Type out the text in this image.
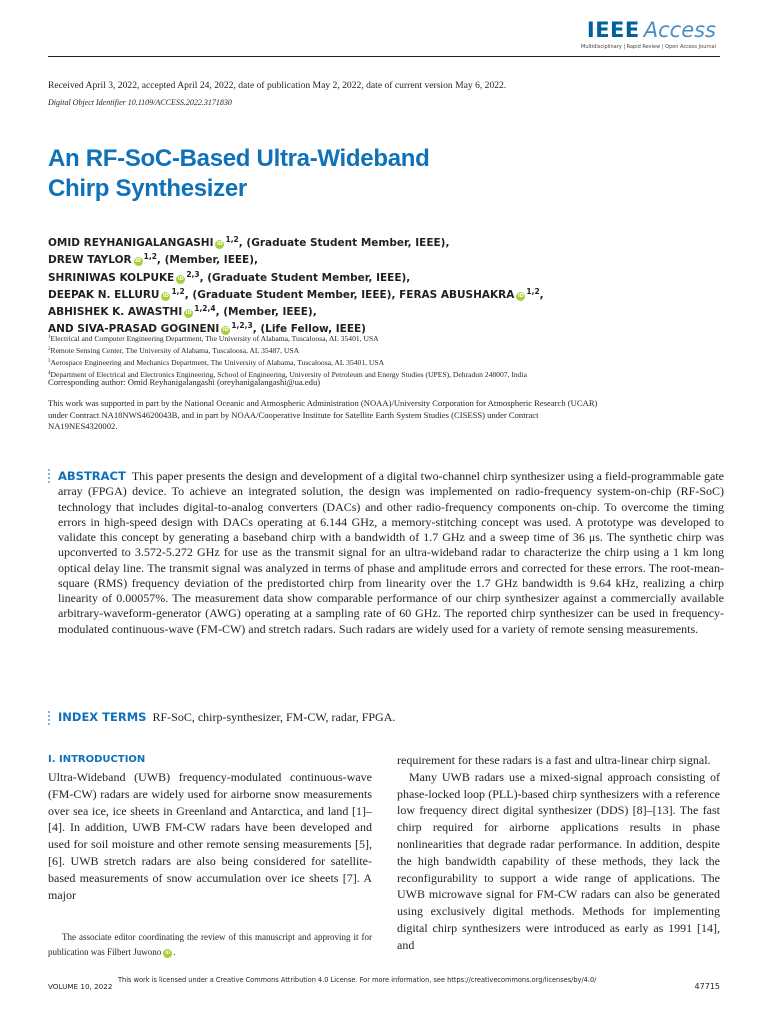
IEEE Access
Multidisciplinary | Rapid Review | Open Access Journal
Received April 3, 2022, accepted April 24, 2022, date of publication May 2, 2022, date of current version May 6, 2022.
Digital Object Identifier 10.1109/ACCESS.2022.3171830
An RF-SoC-Based Ultra-Wideband
Chirp Synthesizer
OMID REYHANIGALANGASHI iD $^{1,2}$, (Graduate Student Member, IEEE),
DREW TAYLOR iD $^{1,2}$, (Member, IEEE),
SHRINIWAS KOLPUKE iD $^{2,3}$, (Graduate Student Member, IEEE),
DEEPAK N. ELLURU iD $^{1,2}$, (Graduate Student Member, IEEE), FERAS ABUSHAKRA iD $^{1,2}$,
ABHISHEK K. AWASTHI iD $^{1,2,4}$, (Member, IEEE),
AND SIVA-PRASAD GOGINENI iD $^{1,2,3}$, (Life Fellow, IEEE)
$^1$Electrical and Computer Engineering Department, The University of Alabama, Tuscaloosa, AL 35401, USA
$^2$Remote Sensing Center, The University of Alabama, Tuscaloosa, AL 35487, USA
$^3$Aerospace Engineering and Mechanics Department, The University of Alabama, Tuscaloosa, AL 35401, USA
$^4$Department of Electrical and Electronics Engineering, School of Engineering, University of Petroleum and Energy Studies (UPES), Dehradun 248007, India
Corresponding author: Omid Reyhanigalangashi (oreyhanigalangashi@ua.edu)
This work was supported in part by the National Oceanic and Atmospheric Administration (NOAA)/University Corporation for Atmospheric Research (UCAR) under Contract NA18NWS4620043B, and in part by NOAA/Cooperative Institute for Satellite Earth System Studies (CISESS) under Contract NA19NES4320002.
ABSTRACT This paper presents the design and development of a digital two-channel chirp synthesizer using a field-programmable gate array (FPGA) device. To achieve an integrated solution, the design was implemented on radio-frequency system-on-chip (RF-SoC) technology that includes digital-to-analog converters (DACs) and other radio-frequency components on-chip. To overcome the timing errors in high-speed design with DACs operating at 6.144 GHz, a memory-stitching concept was used. A prototype was developed to validate this concept by generating a baseband chirp with a bandwidth of 1.7 GHz and a sweep time of 36 μs. The synthetic chirp was upconverted to 3.572-5.272 GHz for use as the transmit signal for an ultra-wideband radar to characterize the chirp using a 1 km long optical delay line. The transmit signal was analyzed in terms of phase and amplitude errors and corrected for these errors. The root-mean-square (RMS) frequency deviation of the predistorted chirp from linearity over the 1.7 GHz bandwidth is 9.64 kHz, realizing a chirp linearity of 0.00057%. The measurement data show comparable performance of our chirp synthesizer against a commercially available arbitrary-waveform-generator (AWG) operating at a sampling rate of 60 GHz. The reported chirp synthesizer can be used in frequency-modulated continuous-wave (FM-CW) and stretch radars. Such radars are widely used for a variety of remote sensing measurements.
INDEX TERMS RF-SoC, chirp-synthesizer, FM-CW, radar, FPGA.
I. INTRODUCTION
Ultra-Wideband (UWB) frequency-modulated continuous-wave (FM-CW) radars are widely used for airborne snow measurements over sea ice, ice sheets in Greenland and Antarctica, and land [1]–[4]. In addition, UWB FM-CW radars have been developed and used for soil moisture and other remote sensing measurements [5], [6]. UWB stretch radars are also being considered for satellite-based measurements of snow accumulation over ice sheets [7]. A major
requirement for these radars is a fast and ultra-linear chirp signal.
Many UWB radars use a mixed-signal approach consisting of phase-locked loop (PLL)-based chirp synthesizers with a reference low frequency direct digital synthesizer (DDS) [8]–[13]. The fast chirp required for airborne applications results in phase nonlinearities that degrade radar performance. In addition, despite the high bandwidth capability of these methods, they lack the reconfigurability to support a wide range of applications. The UWB microwave signal for FM-CW radars can also be generated using exclusively digital methods. Methods for implementing digital chirp synthesizers were introduced as early as 1991 [14], and
The associate editor coordinating the review of this manuscript and approving it for publication was Filbert Juwono iD .
VOLUME 10, 2022
This work is licensed under a Creative Commons Attribution 4.0 License. For more information, see https://creativecommons.org/licenses/by/4.0/
47715
